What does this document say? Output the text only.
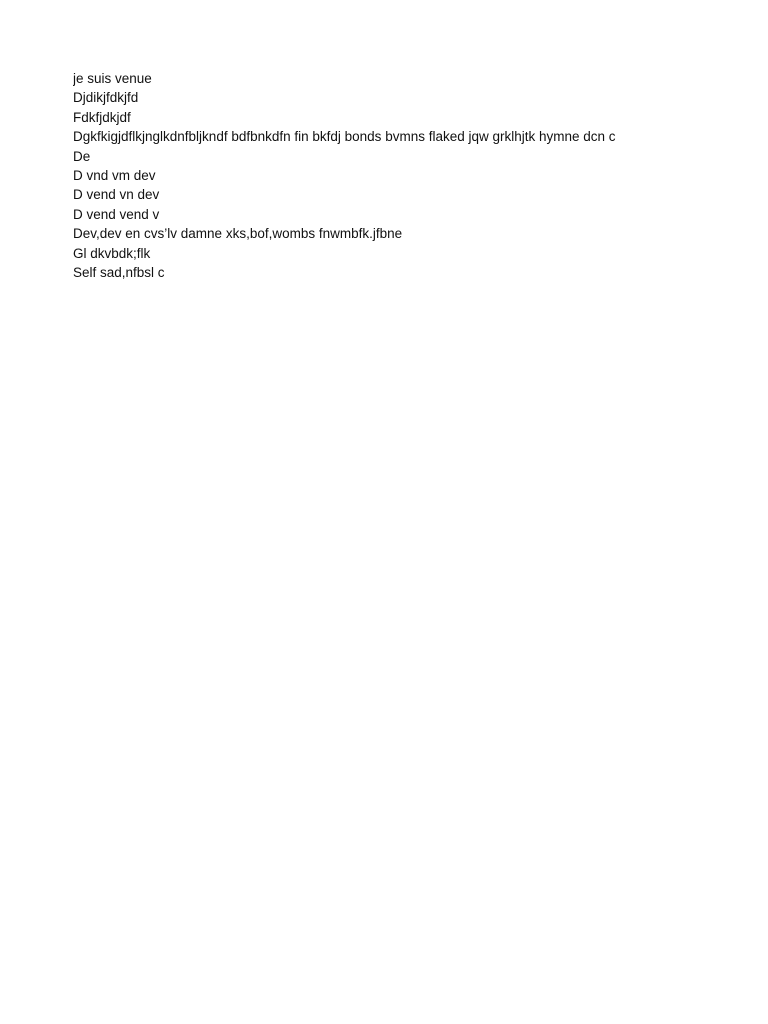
je suis venue
Djdikjfdkjfd
Fdkfjdkjdf
Dgkfkigjdflkjnglkdnfbljkndf bdfbnkdfn fin bkfdj bonds bvmns flaked jqw grklhjtk hymne dcn c
De
D vnd vm dev
D vend vn dev
D vend vend v
Dev,dev en cvs’lv damne xks,bof,wombs fnwmbfk.jfbne
Gl dkvbdk;flk
Self sad,nfbsl c
